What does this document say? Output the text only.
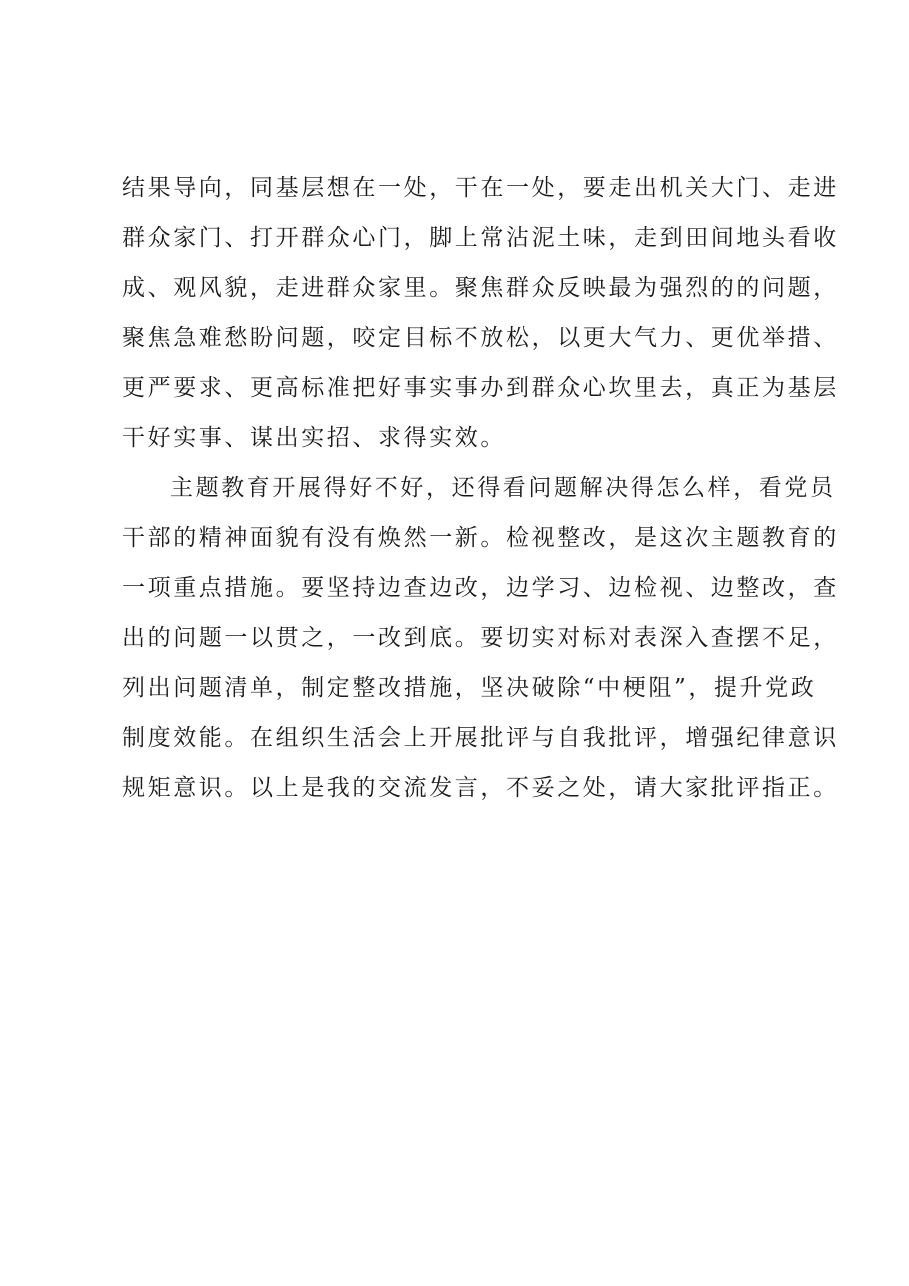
结果导向，同基层想在一处，干在一处，要走出机关大门、走进
群众家门、打开群众心门，脚上常沾泥土味，走到田间地头看收
成、观风貌，走进群众家里。聚焦群众反映最为强烈的的问题，
聚焦急难愁盼问题，咬定目标不放松，以更大气力、更优举措、
更严要求、更高标准把好事实事办到群众心坎里去，真正为基层
干好实事、谋出实招、求得实效。
主题教育开展得好不好，还得看问题解决得怎么样，看党员
干部的精神面貌有没有焕然一新。检视整改，是这次主题教育的
一项重点措施。要坚持边查边改，边学习、边检视、边整改，查
出的问题一以贯之，一改到底。要切实对标对表深入查摆不足，
列出问题清单，制定整改措施，坚决破除“中梗阻”，提升党政
制度效能。在组织生活会上开展批评与自我批评，增强纪律意识
规矩意识。以上是我的交流发言，不妥之处，请大家批评指正。
